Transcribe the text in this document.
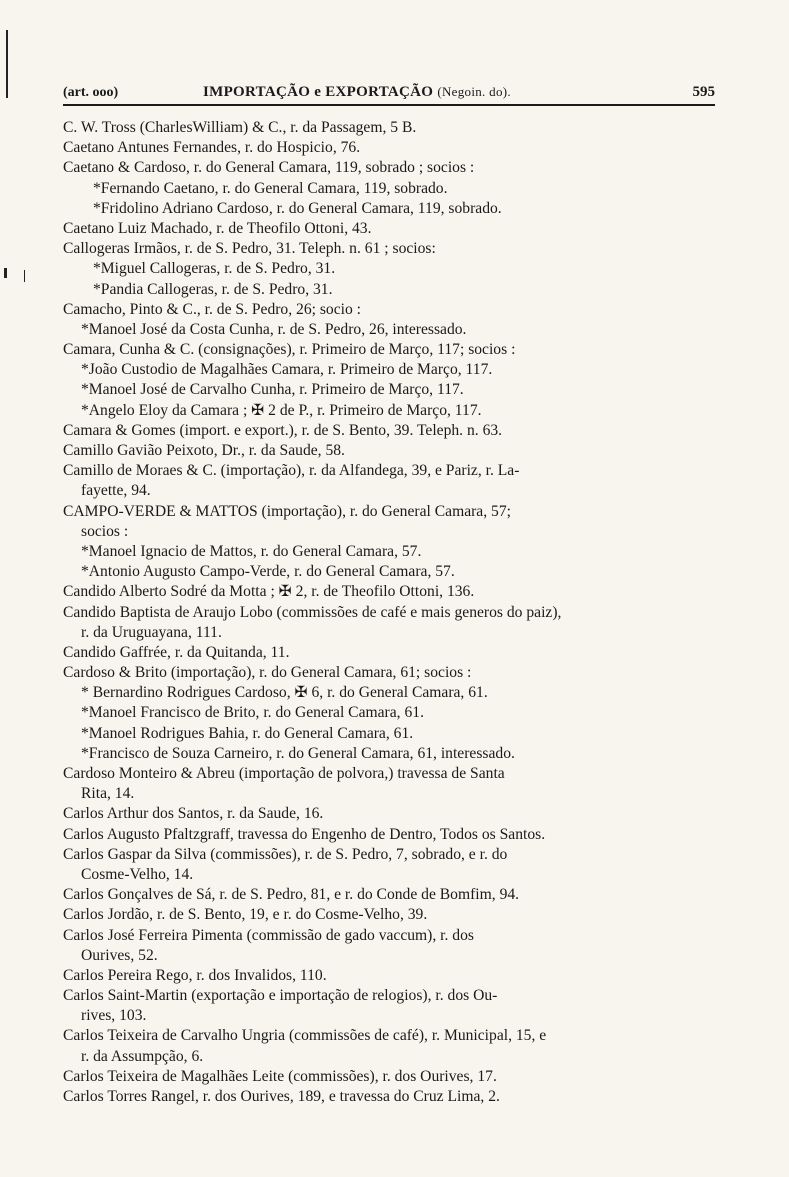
(art. ooo)	IMPORTAÇÃO e EXPORTAÇÃO (Negoin. do).	595
C. W. Tross (CharlesWilliam) & C., r. da Passagem, 5 B.
Caetano Antunes Fernandes, r. do Hospicio, 76.
Caetano & Cardoso, r. do General Camara, 119, sobrado ; socios :
*Fernando Caetano, r. do General Camara, 119, sobrado.
*Fridolino Adriano Cardoso, r. do General Camara, 119, sobrado.
Caetano Luiz Machado, r. de Theofilo Ottoni, 43.
Callogeras Irmãos, r. de S. Pedro, 31. Teleph. n. 61 ; socios:
*Miguel Callogeras, r. de S. Pedro, 31.
*Pandia Callogeras, r. de S. Pedro, 31.
Camacho, Pinto & C., r. de S. Pedro, 26; socio :
*Manoel José da Costa Cunha, r. de S. Pedro, 26, interessado.
Camara, Cunha & C. (consignações), r. Primeiro de Março, 117; socios :
*João Custodio de Magalhães Camara, r. Primeiro de Março, 117.
*Manoel José de Carvalho Cunha, r. Primeiro de Março, 117.
*Angelo Eloy da Camara ; ✠ 2 de P., r. Primeiro de Março, 117.
Camara & Gomes (import. e export.), r. de S. Bento, 39. Teleph. n. 63.
Camillo Gavião Peixoto, Dr., r. da Saude, 58.
Camillo de Moraes & C. (importação), r. da Alfandega, 39, e Pariz, r. La-
fayette, 94.
CAMPO-VERDE & MATTOS (importação), r. do General Camara, 57;
socios :
*Manoel Ignacio de Mattos, r. do General Camara, 57.
*Antonio Augusto Campo-Verde, r. do General Camara, 57.
Candido Alberto Sodré da Motta ; ✠ 2, r. de Theofilo Ottoni, 136.
Candido Baptista de Araujo Lobo (commissões de café e mais generos do paiz),
r. da Uruguayana, 111.
Candido Gaffrée, r. da Quitanda, 11.
Cardoso & Brito (importação), r. do General Camara, 61; socios :
* Bernardino Rodrigues Cardoso, ✠ 6, r. do General Camara, 61.
*Manoel Francisco de Brito, r. do General Camara, 61.
*Manoel Rodrigues Bahia, r. do General Camara, 61.
*Francisco de Souza Carneiro, r. do General Camara, 61, interessado.
Cardoso Monteiro & Abreu (importação de polvora,) travessa de Santa
Rita, 14.
Carlos Arthur dos Santos, r. da Saude, 16.
Carlos Augusto Pfaltzgraff, travessa do Engenho de Dentro, Todos os Santos.
Carlos Gaspar da Silva (commissões), r. de S. Pedro, 7, sobrado, e r. do
Cosme-Velho, 14.
Carlos Gonçalves de Sá, r. de S. Pedro, 81, e r. do Conde de Bomfim, 94.
Carlos Jordão, r. de S. Bento, 19, e r. do Cosme-Velho, 39.
Carlos José Ferreira Pimenta (commissão de gado vaccum), r. dos
Ourives, 52.
Carlos Pereira Rego, r. dos Invalidos, 110.
Carlos Saint-Martin (exportação e importação de relogios), r. dos Ou-
rives, 103.
Carlos Teixeira de Carvalho Ungria (commissões de café), r. Municipal, 15, e
r. da Assumpção, 6.
Carlos Teixeira de Magalhães Leite (commissões), r. dos Ourives, 17.
Carlos Torres Rangel, r. dos Ourives, 189, e travessa do Cruz Lima, 2.
